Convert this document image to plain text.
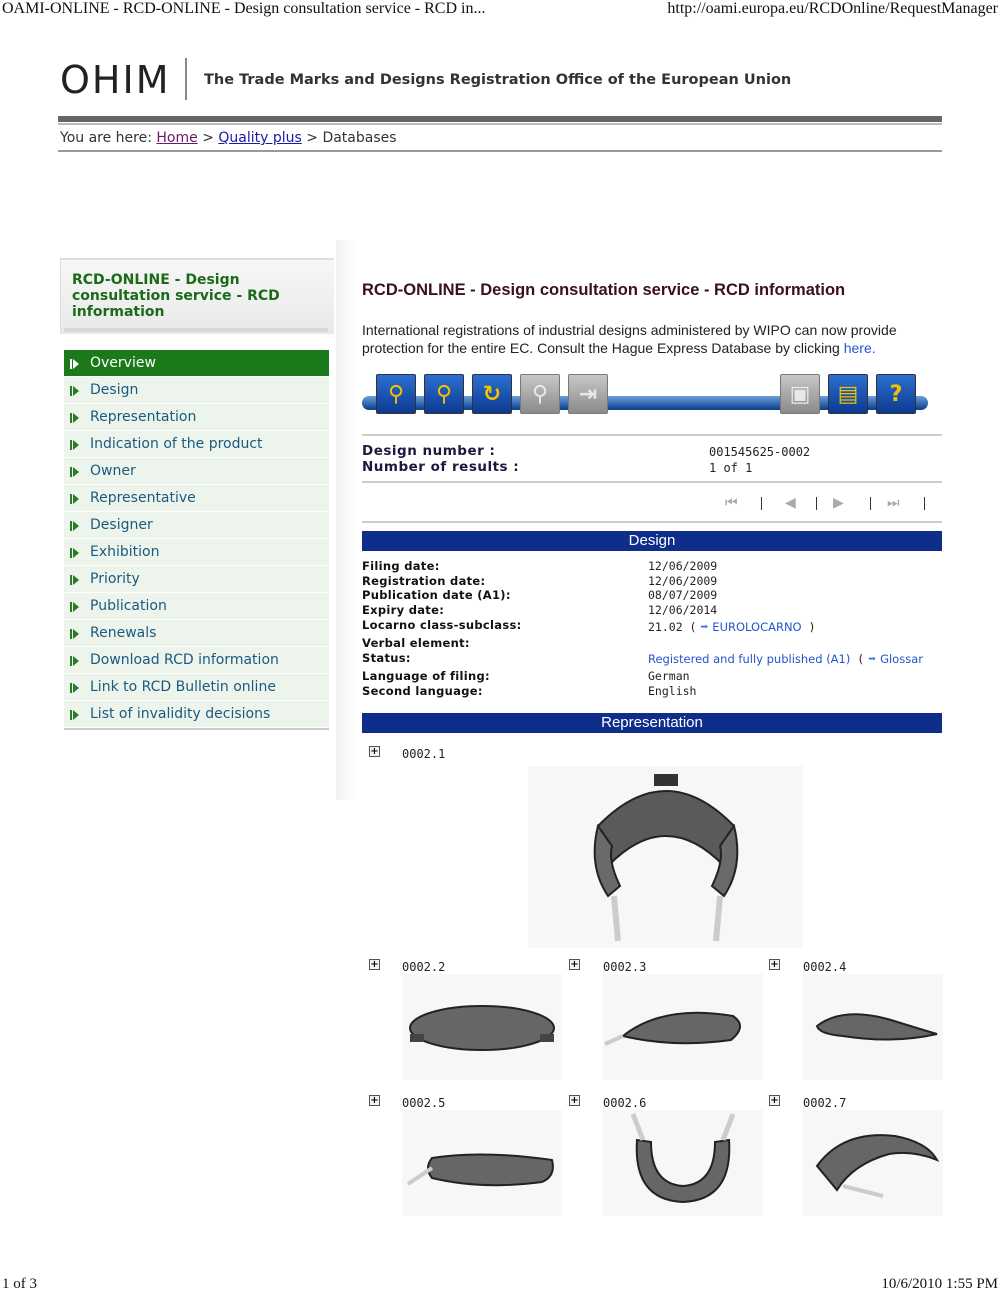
OAMI-ONLINE - RCD-ONLINE - Design consultation service - RCD in...	http://oami.europa.eu/RCDOnline/RequestManager
1 of 3	10/6/2010 1:55 PM
OHIM The Trade Marks and Designs Registration Office of the European Union
You are here: Home > Quality plus > Databases
RCD-ONLINE - Design consultation service - RCD information
Overview
Design
Representation
Indication of the product
Owner
Representative
Designer
Exhibition
Priority
Publication
Renewals
Download RCD information
Link to RCD Bulletin online
List of invalidity decisions
RCD-ONLINE - Design consultation service - RCD information
International registrations of industrial designs administered by WIPO can now provide protection for the entire EC. Consult the Hague Express Database by clicking here.
⚲ ⚲ ↻ ⚲ ⇥	▣ ▤ ?
Design number :	001545625-0002
Number of results :	1 of 1
⏮	◀	▶	⏭
Design
Filing date:	12/06/2009
Registration date:	12/06/2009
Publication date (A1):	08/07/2009
Expiry date:	12/06/2014
Locarno class-subclass:	21.02 ( ➡ EUROLOCARNO )
Verbal element:
Status:	Registered and fully published (A1) ( ➡ Glossar
Language of filing:	German
Second language:	English
Representation
+ 0002.1
+ 0002.2	+ 0002.3	+ 0002.4
+ 0002.5	+ 0002.6	+ 0002.7
